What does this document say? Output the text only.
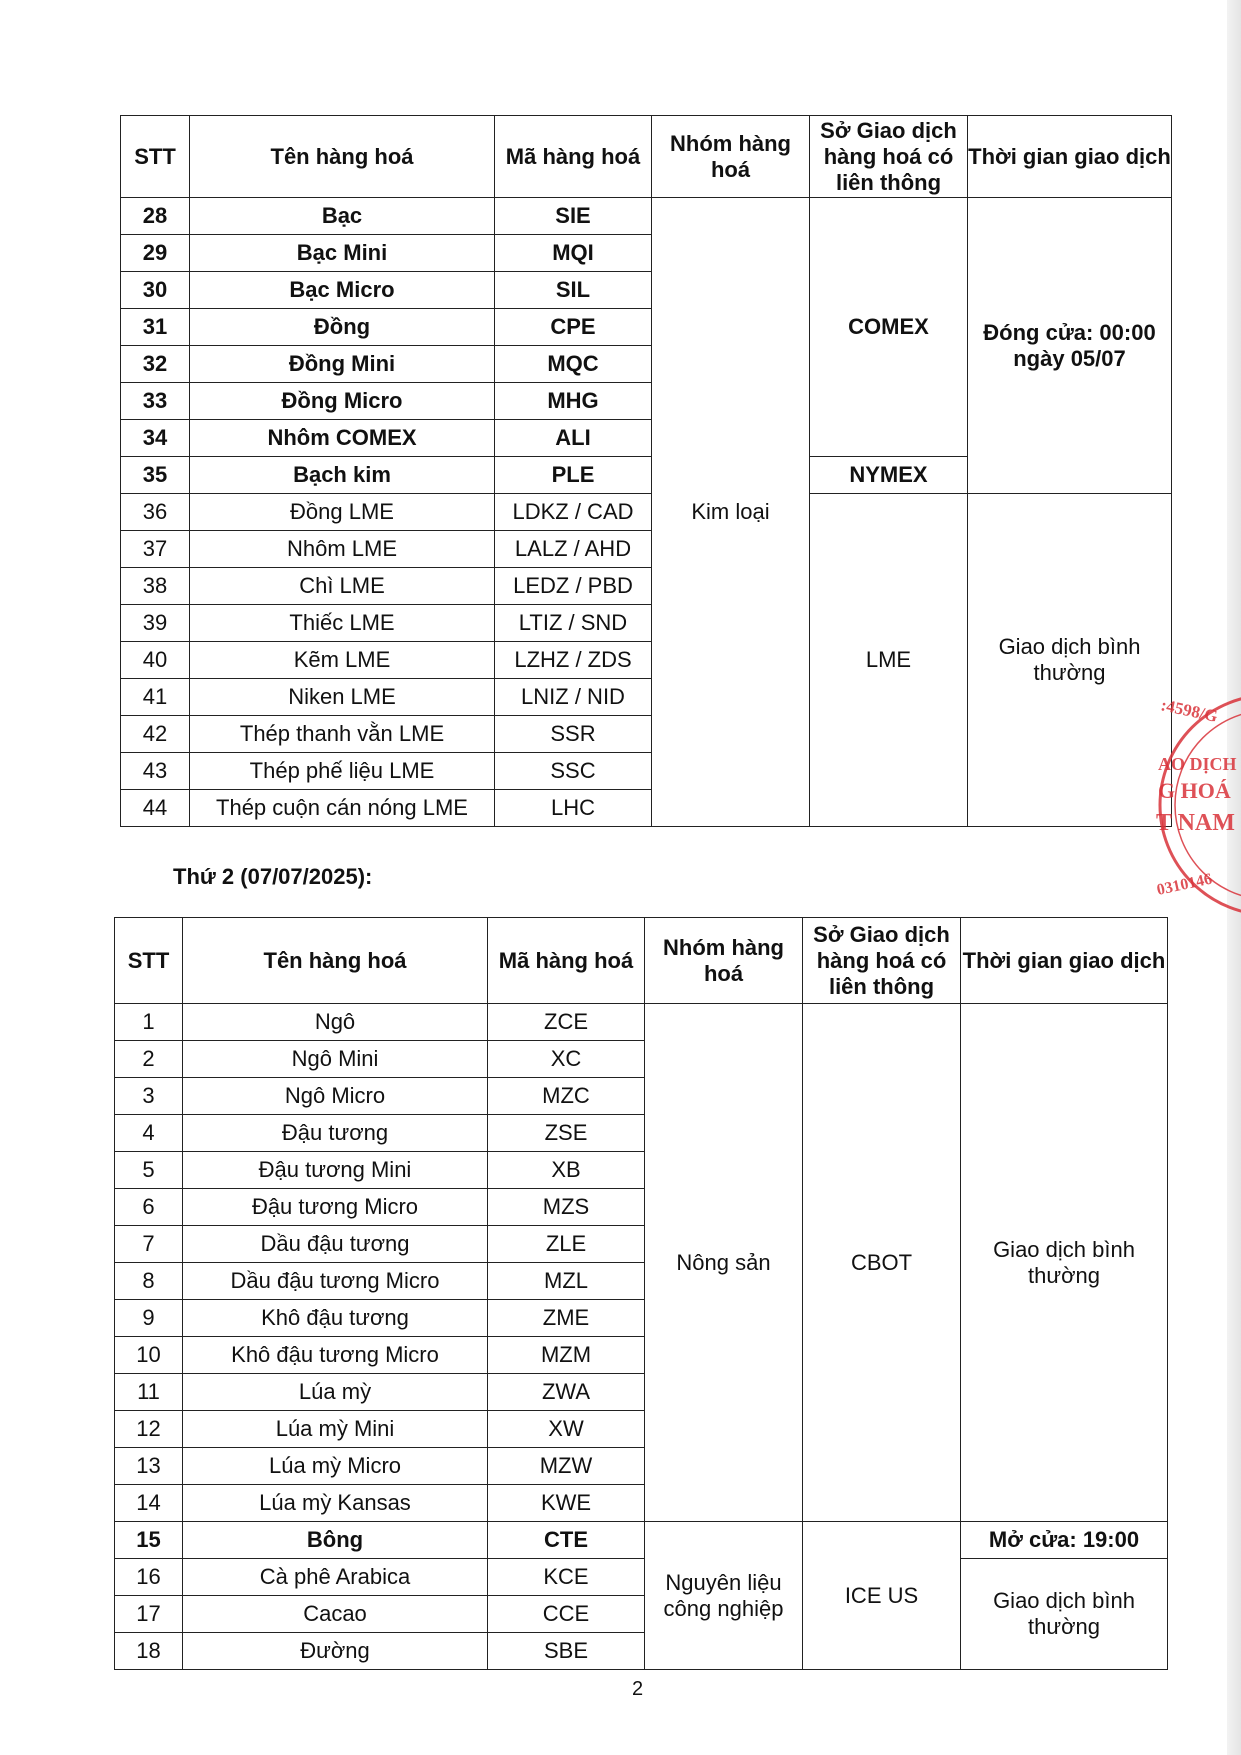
STT	Tên hàng hoá	Mã hàng hoá	Nhóm hàng hoá	Sở Giao dịch hàng hoá có liên thông	Thời gian giao dịch
28	Bạc	SIE	Kim loại	COMEX	Đóng cửa: 00:00 ngày 05/07
29	Bạc Mini	MQI			
30	Bạc Micro	SIL			
31	Đồng	CPE			
32	Đồng Mini	MQC			
33	Đồng Micro	MHG			
34	Nhôm COMEX	ALI			
35	Bạch kim	PLE		NYMEX	
36	Đồng LME	LDKZ / CAD		LME	Giao dịch bình thường
37	Nhôm LME	LALZ / AHD			
38	Chì LME	LEDZ / PBD			
39	Thiếc LME	LTIZ / SND			
40	Kẽm LME	LZHZ / ZDS			
41	Niken LME	LNIZ / NID			
42	Thép thanh vằn LME	SSR			
43	Thép phế liệu LME	SSC			
44	Thép cuộn cán nóng LME	LHC			
Thứ 2 (07/07/2025):
STT	Tên hàng hoá	Mã hàng hoá	Nhóm hàng hoá	Sở Giao dịch hàng hoá có liên thông	Thời gian giao dịch
1	Ngô	ZCE	Nông sản	CBOT	Giao dịch bình thường
2	Ngô Mini	XC			
3	Ngô Micro	MZC			
4	Đậu tương	ZSE			
5	Đậu tương Mini	XB			
6	Đậu tương Micro	MZS			
7	Dầu đậu tương	ZLE			
8	Dầu đậu tương Micro	MZL			
9	Khô đậu tương	ZME			
10	Khô đậu tương Micro	MZM			
11	Lúa mỳ	ZWA			
12	Lúa mỳ Mini	XW			
13	Lúa mỳ Micro	MZW			
14	Lúa mỳ Kansas	KWE			
15	Bông	CTE	Nguyên liệu công nghiệp	ICE US	Mở cửa: 19:00
16	Cà phê Arabica	KCE			Giao dịch bình thường
17	Cacao	CCE			
18	Đường	SBE			
2
:4598/G
AO DỊCH
G HOÁ
T NAM
0310146
